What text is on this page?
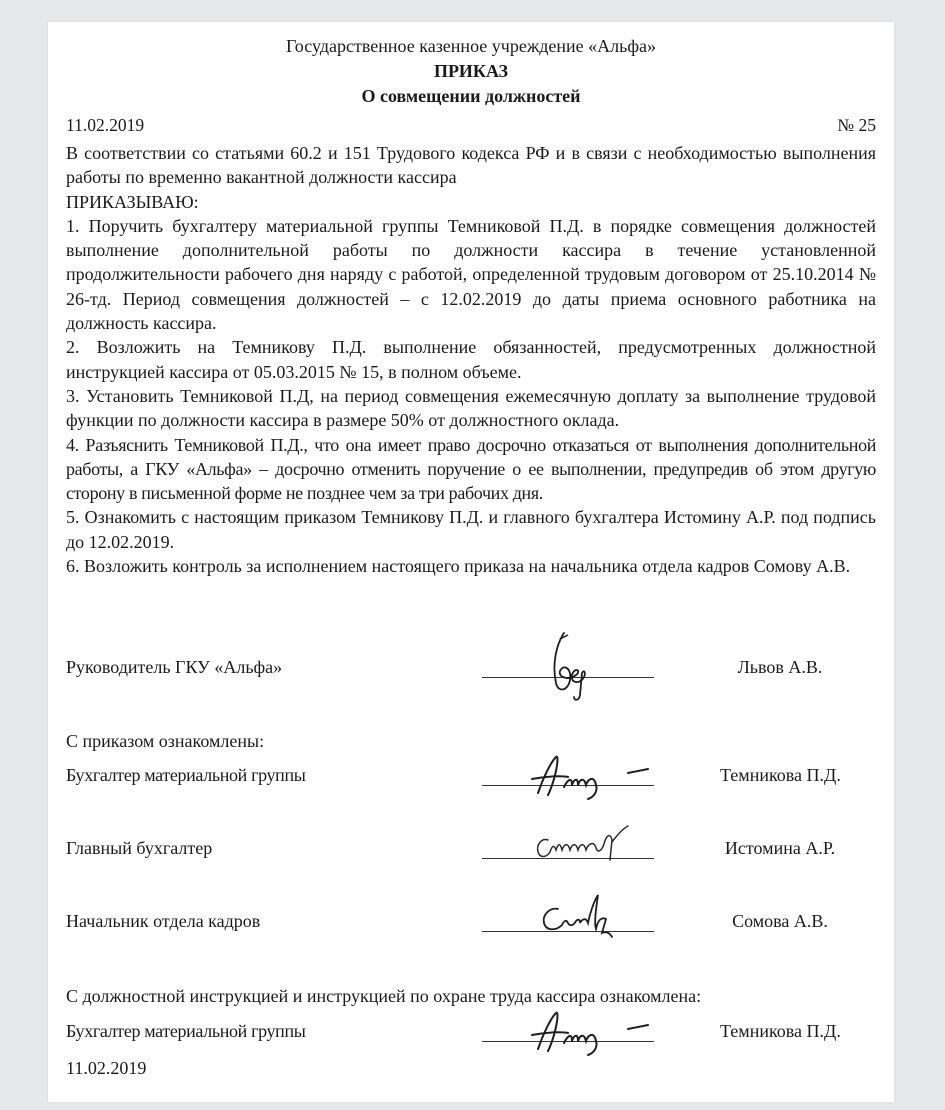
Государственное казенное учреждение «Альфа»
ПРИКАЗ
О совмещении должностей
11.02.2019	№ 25

В соответствии со статьями 60.2 и 151 Трудового кодекса РФ и в связи с необходимостью выполнения работы по временно вакантной должности кассира

ПРИКАЗЫВАЮ:

1. Поручить бухгалтеру материальной группы Темниковой П.Д. в порядке совмещения должностей выполнение дополнительной работы по должности кассира в течение установленной продолжительности рабочего дня наряду с работой, определенной трудовым договором от 25.10.2014 № 26-тд. Период совмещения должностей – с 12.02.2019 до даты приема основного работника на должность кассира.

2. Возложить на Темникову П.Д. выполнение обязанностей, предусмотренных должностной инструкцией кассира от 05.03.2015 № 15, в полном объеме.

3. Установить Темниковой П.Д, на период совмещения ежемесячную доплату за выполнение трудовой функции по должности кассира в размере 50% от должностного оклада.

4. Разъяснить Темниковой П.Д., что она имеет право досрочно отказаться от выполнения дополнительной работы, а ГКУ «Альфа» – досрочно отменить поручение о ее выполнении, предупредив об этом другую сторону в письменной форме не позднее чем за три рабочих дня.

5. Ознакомить с настоящим приказом Темникову П.Д. и главного бухгалтера Истомину А.Р. под подпись до 12.02.2019.

6. Возложить контроль за исполнением настоящего приказа на начальника отдела кадров Сомову А.В.

Руководитель ГКУ «Альфа»	Львов А.В.
С приказом ознакомлены:
Бухгалтер материальной группы	Темникова П.Д.
Главный бухгалтер	Истомина А.Р.
Начальник отдела кадров	Сомова А.В.
С должностной инструкцией и инструкцией по охране труда кассира ознакомлена:
Бухгалтер материальной группы	Темникова П.Д.
11.02.2019
